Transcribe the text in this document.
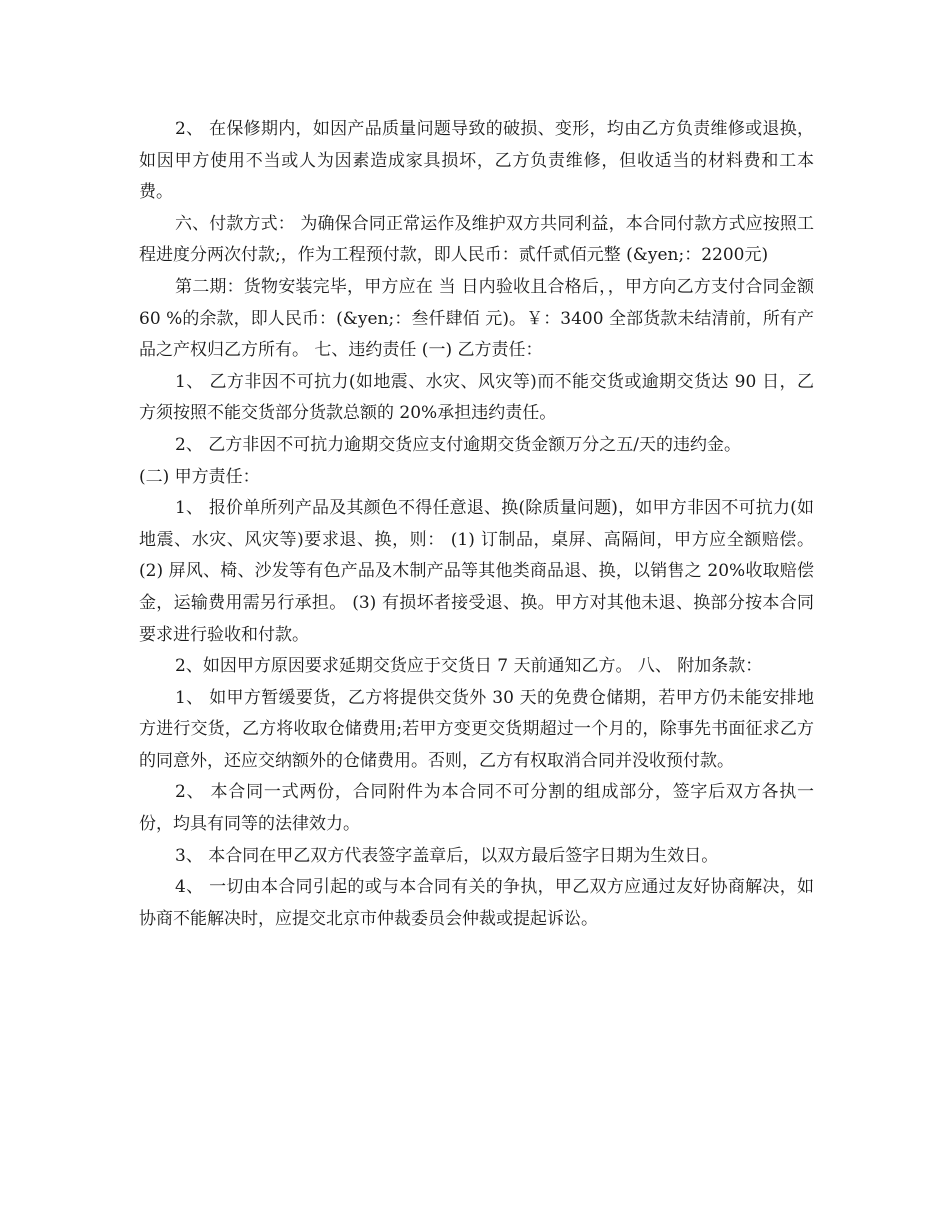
2、 在保修期内，如因产品质量问题导致的破损、变形，均由乙方负责维修或退换，如因甲方使用不当或人为因素造成家具损坏，乙方负责维修，但收适当的材料费和工本费。

六、付款方式： 为确保合同正常运作及维护双方共同利益，本合同付款方式应按照工程进度分两次付款;，作为工程预付款，即人民币：贰仟贰佰元整 (&yen;：2200元)

第二期：货物安装完毕，甲方应在 当 日内验收且合格后，，甲方向乙方支付合同金额 60 %的余款，即人民币：(&yen;：叁仟肆佰 元)。￥：3400 全部货款未结清前，所有产品之产权归乙方所有。 七、违约责任 (一) 乙方责任：

1、 乙方非因不可抗力(如地震、水灾、风灾等)而不能交货或逾期交货达 90 日，乙方须按照不能交货部分货款总额的 20%承担违约责任。

2、 乙方非因不可抗力逾期交货应支付逾期交货金额万分之五/天的违约金。

(二) 甲方责任：

1、 报价单所列产品及其颜色不得任意退、换(除质量问题)，如甲方非因不可抗力(如地震、水灾、风灾等)要求退、换，则： (1) 订制品，桌屏、高隔间，甲方应全额赔偿。 (2) 屏风、椅、沙发等有色产品及木制产品等其他类商品退、换，以销售之 20%收取赔偿金，运输费用需另行承担。 (3) 有损坏者接受退、换。甲方对其他未退、换部分按本合同要求进行验收和付款。

2、如因甲方原因要求延期交货应于交货日 7 天前通知乙方。 八、 附加条款：

1、 如甲方暂缓要货，乙方将提供交货外 30 天的免费仓储期，若甲方仍未能安排地方进行交货，乙方将收取仓储费用;若甲方变更交货期超过一个月的，除事先书面征求乙方的同意外，还应交纳额外的仓储费用。否则，乙方有权取消合同并没收预付款。

2、 本合同一式两份，合同附件为本合同不可分割的组成部分，签字后双方各执一份，均具有同等的法律效力。

3、 本合同在甲乙双方代表签字盖章后，以双方最后签字日期为生效日。

4、 一切由本合同引起的或与本合同有关的争执，甲乙双方应通过友好协商解决，如协商不能解决时，应提交北京市仲裁委员会仲裁或提起诉讼。
